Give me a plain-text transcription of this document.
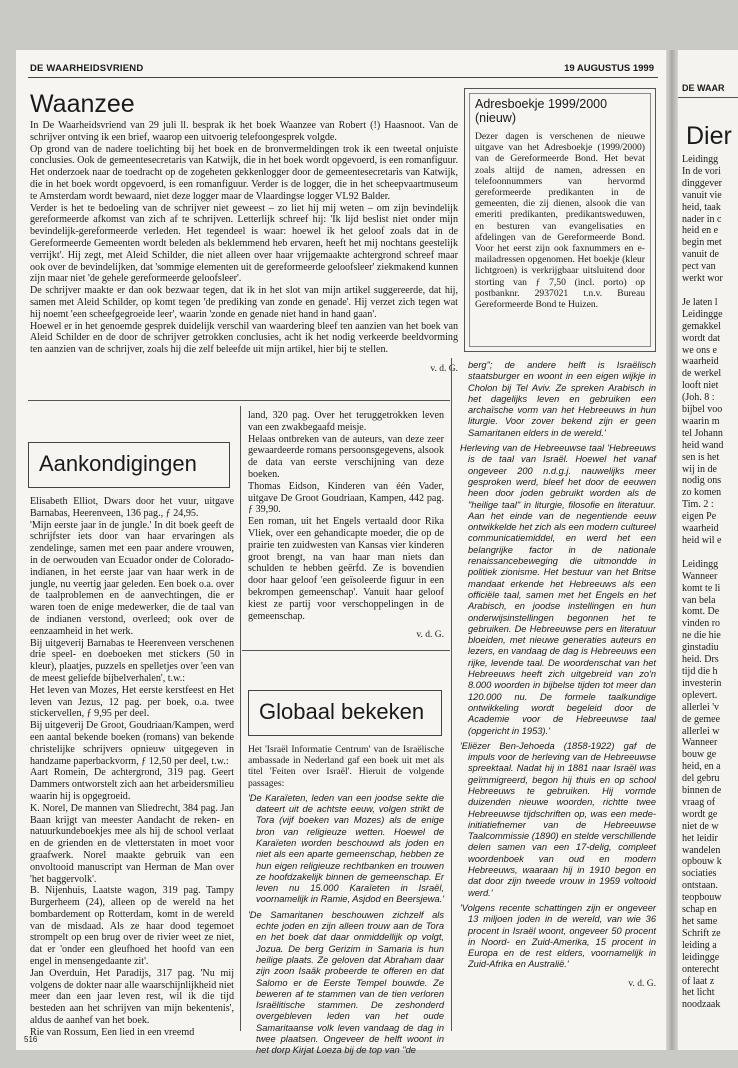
DE WAARHEIDSVRIEND	19 AUGUSTUS 1999
Waanzee

In De Waarheidsvriend van 29 juli ll. besprak ik het boek Waanzee van Robert (!) Haasnoot. Van de schrijver ontving ik een brief, waarop een uitvoerig telefoongesprek volgde.

Op grond van de nadere toelichting bij het boek en de bronvermeldingen trok ik een tweetal onjuiste conclusies. Ook de gemeentesecretaris van Katwijk, die in het boek wordt opgevoerd, is een romanfiguur. Het onderzoek naar de toedracht op de zogeheten gekkenlogger door de gemeentesecretaris van Katwijk, die in het boek wordt opgevoerd, is een romanfiguur. Verder is de logger, die in het scheepvaartmuseum te Amsterdam wordt bewaard, niet deze logger maar de Vlaardingse logger VL92 Balder.

Verder is het te bedoeling van de schrijver niet geweest – zo liet hij mij weten – om zijn bevindelijk gereformeerde afkomst van zich af te schrijven. Letterlijk schreef hij: 'Ik lijd beslist niet onder mijn bevindelijk-gereformeerde verleden. Het tegendeel is waar: hoewel ik het geloof zoals dat in de Gereformeerde Gemeenten wordt beleden als beklemmend heb ervaren, heeft het mij nochtans geestelijk verrijkt'. Hij zegt, met Aleid Schilder, die niet alleen over haar vrijgemaakte achtergrond schreef maar ook over de bevindelijken, dat 'sommige elementen uit de gereformeerde geloofsleer' ziekmakend kunnen zijn maar niet 'de gehele gereformeerde geloofsleer'.

De schrijver maakte er dan ook bezwaar tegen, dat ik in het slot van mijn artikel suggereerde, dat hij, samen met Aleid Schilder, op komt tegen 'de prediking van zonde en genade'. Hij verzet zich tegen wat hij noemt 'een scheefgegroeide leer', waarin 'zonde en genade niet hand in hand gaan'.

Hoewel er in het genoemde gesprek duidelijk verschil van waardering bleef ten aanzien van het boek van Aleid Schilder en de door de schrijver getrokken conclusies, acht ik het nodig verkeerde beeldvorming ten aanzien van de schrijver, zoals hij die zelf beleefde uit mijn artikel, hier bij te stellen.

v. d. G.

Adresboekje 1999/2000 (nieuw)
Dezer dagen is verschenen de nieuwe uitgave van het Adresboekje (1999/2000) van de Gereformeerde Bond. Het bevat zoals altijd de namen, adressen en telefoonnummers van hervormd gereformeerde predikanten in de gemeenten, die zij dienen, alsook die van emeriti predikanten, predikantsweduwen, en besturen van evangelisaties en afdelingen van de Gereformeerde Bond. Voor het eerst zijn ook faxnummers en e-mailadressen opgenomen. Het boekje (kleur lichtgroen) is verkrijgbaar uitsluitend door storting van ƒ 7,50 (incl. porto) op postbanknr. 2937021 t.n.v. Bureau Gereformeerde Bond te Huizen.
Aankondigingen

Elisabeth Elliot, Dwars door het vuur, uitgave Barnabas, Heerenveen, 136 pag., ƒ 24,95.

'Mijn eerste jaar in de jungle.' In dit boek geeft de schrijfster iets door van haar ervaringen als zendelinge, samen met een paar andere vrouwen, in de oerwouden van Ecuador onder de Colorado-indianen, in het eerste jaar van haar werk in de jungle, nu veertig jaar geleden. Een boek o.a. over de taalproblemen en de aanvechtingen, die er waren toen de enige medewerker, die de taal van de indianen verstond, overleed; ook over de eenzaamheid in het werk.

Bij uitgeverij Barnabas te Heerenveen verschenen drie speel- en doeboeken met stickers (50 in kleur), plaatjes, puzzels en spelletjes over 'een van de meest geliefde bijbelverhalen', t.w.:

Het leven van Mozes, Het eerste kerstfeest en Het leven van Jezus, 12 pag. per boek, o.a. twee stickervellen, ƒ 9,95 per deel.

Bij uitgeverij De Groot, Goudriaan/Kampen, werd een aantal bekende boeken (romans) van bekende christelijke schrijvers opnieuw uitgegeven in handzame paperbackvorm, ƒ 12,50 per deel, t.w.:

Aart Romein, De achtergrond, 319 pag. Geert Dammers ontworstelt zich aan het arbeidersmilieu waarin hij is opgegroeid.

K. Norel, De mannen van Sliedrecht, 384 pag. Jan Baan krijgt van meester Aandacht de reken- en natuurkundeboekjes mee als hij de school verlaat en de grienden en de vletterstaten in moet voor graafwerk. Norel maakte gebruik van een onvoltooid manuscript van Herman de Man over 'het baggervolk'.

B. Nijenhuis, Laatste wagon, 319 pag. Tampy Burgerheem (24), alleen op de wereld na het bombardement op Rotterdam, komt in de wereld van de misdaad. Als ze haar dood tegemoet strompelt op een brug over de rivier weet ze niet, dat er 'onder een gleufhoed het hoofd van een engel in mensengedaante zit'.

Jan Overduin, Het Paradijs, 317 pag. 'Nu mij volgens de dokter naar alle waarschijnlijkheid niet meer dan een jaar leven rest, wil ik die tijd besteden aan het schrijven van mijn bekentenis', aldus de aanhef van het boek.

Rie van Rossum, Een lied in een vreemd

land, 320 pag. Over het teruggetrokken leven van een zwakbegaafd meisje.

Helaas ontbreken van de auteurs, van deze zeer gewaardeerde romans persoonsgegevens, alsook de data van eerste verschijning van deze boeken.

Thomas Eidson, Kinderen van één Vader, uitgave De Groot Goudriaan, Kampen, 442 pag. ƒ 39,90.

Een roman, uit het Engels vertaald door Rika Vliek, over een gehandicapte moeder, die op de prairie ten zuidwesten van Kansas vier kinderen groot brengt, na van haar man niets dan schulden te hebben geërfd. Ze is bovendien door haar geloof 'een geïsoleerde figuur in een bekrompen gemeenschap'. Vanuit haar geloof kiest ze partij voor verschoppelingen in de gemeenschap.

v. d. G.

Globaal bekeken
Het 'Israël Informatie Centrum' van de Israëlische ambassade in Nederland gaf een boek uit met als titel 'Feiten over Israël'. Hieruit de volgende passages:

'De Karaïeten, leden van een joodse sekte die dateert uit de achtste eeuw, volgen strikt de Tora (vijf boeken van Mozes) als de enige bron van religieuze wetten. Hoewel de Karaïeten worden beschouwd als joden en niet als een aparte gemeenschap, hebben ze hun eigen religieuze rechtbanken en trouwen ze hoofdzakelijk binnen de gemeenschap. Er leven nu 15.000 Karaïeten in Israël, voornamelijk in Ramie, Asjdod en Beersjewa.'

'De Samaritanen beschouwen zichzelf als echte joden en zijn alleen trouw aan de Tora en het boek dat daar onmiddellijk op volgt, Jozua. De berg Gerizim in Samaria is hun heilige plaats. Ze geloven dat Abraham daar zijn zoon Isaäk probeerde te offeren en dat Salomo er de Eerste Tempel bouwde. Ze beweren af te stammen van de tien verloren Israëlitische stammen. De zeshonderd overgebleven leden van het oude Samaritaanse volk leven vandaag de dag in twee plaatsen. Ongeveer de helft woont in het dorp Kirjat Loeza bij de top van "de

berg"; de andere helft is Israëlisch staatsburger en woont in een eigen wijkje in Cholon bij Tel Aviv. Ze spreken Arabisch in het dagelijks leven en gebruiken een archaïsche vorm van het Hebreeuws in hun liturgie. Voor zover bekend zijn er geen Samaritanen elders in de wereld.'

Herleving van de Hebreeuwse taal 'Hebreeuws is de taal van Israël. Hoewel het vanaf ongeveer 200 n.d.g.j. nauwelijks meer gesproken werd, bleef het door de eeuwen heen door joden gebruikt worden als de "heilige taal" in liturgie, filosofie en literatuur. Aan het einde van de negentiende eeuw ontwikkelde het zich als een modern cultureel communicatiemiddel, en werd het een belangrijke factor in de nationale renaissancebeweging die uitmondde in politiek zionisme. Het bestuur van het Britse mandaat erkende het Hebreeuws als een officiële taal, samen met het Engels en het Arabisch, en joodse instellingen en hun onderwijsinstellingen begonnen het te gebruiken. De Hebreeuwse pers en literatuur bloeiden, met nieuwe generaties auteurs en lezers, en vandaag de dag is Hebreeuws een rijke, levende taal. De woordenschat van het Hebreeuws heeft zich uitgebreid van zo'n 8.000 woorden in bijbelse tijden tot meer dan 120.000 nu. De formele taalkundige ontwikkeling wordt begeleid door de Academie voor de Hebreeuwse taal (opgericht in 1953).'

'Eliëzer Ben-Jehoeda (1858-1922) gaf de impuls voor de herleving van de Hebreeuwse spreektaal. Nadat hij in 1881 naar Israël was geïmmigreerd, begon hij thuis en op school Hebreeuws te gebruiken. Hij vormde duizenden nieuwe woorden, richtte twee Hebreeuwse tijdschriften op, was een mede-initiatiefnemer van de Hebreeuwse Taalcommissie (1890) en stelde verschillende delen samen van een 17-delig, compleet woordenboek van oud en modern Hebreeuws, waaraan hij in 1910 begon en dat door zijn tweede vrouw in 1959 voltooid werd.'

'Volgens recente schattingen zijn er ongeveer 13 miljoen joden in de wereld, van wie 36 procent in Israël woont, ongeveer 50 procent in Noord- en Zuid-Amerika, 15 procent in Europa en de rest elders, voornamelijk in Zuid-Afrika en Australië.'

v. d. G.

516
DE WAAR
Dier
Leidingg
In de vori
dinggever
vanuit vie
heid, taak
nader in c
heid en e
begin met
vanuit de
pect van
werkt wor

Je laten l
Leidingge
gemakkel
wordt dat
we ons e
waarheid
de werkel
looft niet
(Joh. 8 :
bijbel voo
waarin m
tel Johann
heid wand
sen is het
wij in de
nodig ons
zo komen
Tim. 2 :
eigen Pe
waarheid
heid wil e

Leidingg
Wanneer
komt te li
van bela
komt. De
vinden ro
ne die hie
ginstadiu
heid. Drs
tijd die h
investerin
oplevert.
allerlei 'v
de gemee
allerlei w
Wanneer
bouw ge
heid, en a
del gebru
binnen de
vraag of
wordt ge
niet de w
het leidir
wandelen
opbouw k
sociaties
ontstaan.
teopbouw
schap en
het same
Schrift ze
leiding a
leidingge
onterecht
of laat z
het licht
noodzaak
